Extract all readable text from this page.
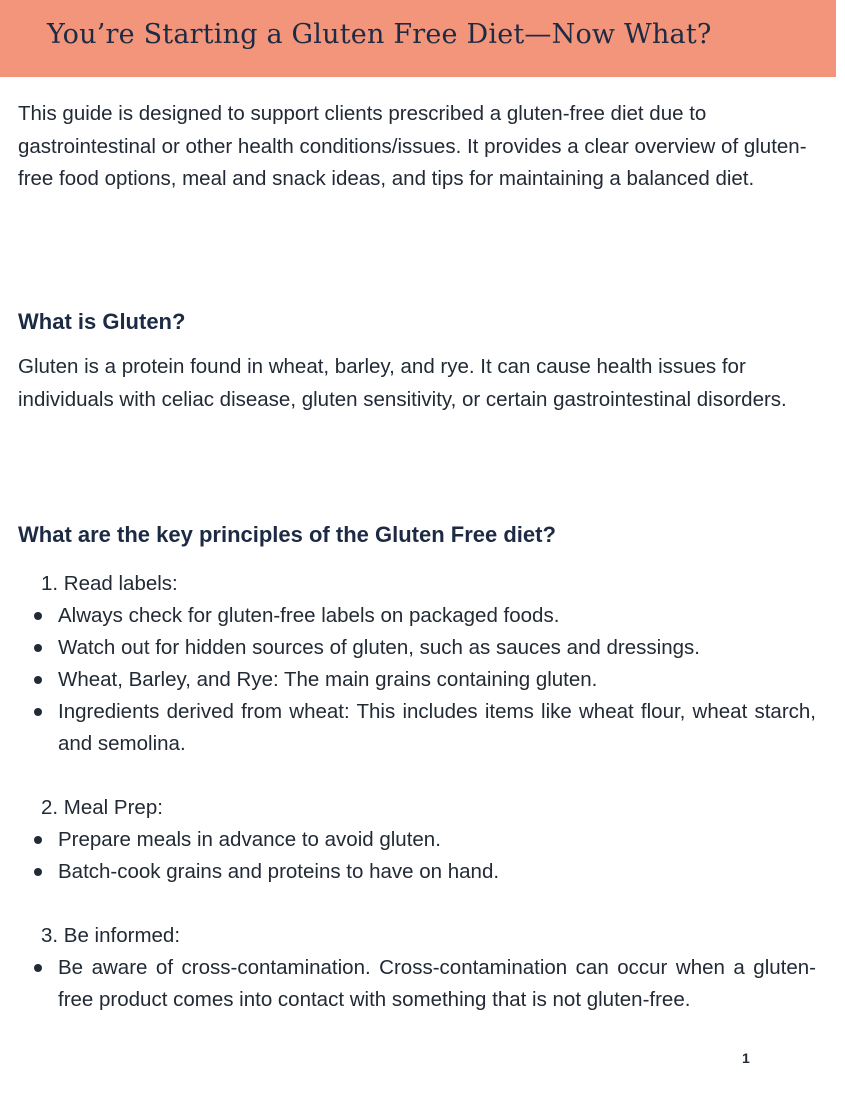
You’re Starting a Gluten Free Diet—Now What?

This guide is designed to support clients prescribed a gluten-free diet due to gastrointestinal or other health conditions/issues. It provides a clear overview of gluten-free food options, meal and snack ideas, and tips for maintaining a balanced diet.

What is Gluten?

Gluten is a protein found in wheat, barley, and rye. It can cause health issues for individuals with celiac disease, gluten sensitivity, or certain gastrointestinal disorders.

What are the key principles of the Gluten Free diet?
1. Read labels:
Always check for gluten-free labels on packaged foods.
Watch out for hidden sources of gluten, such as sauces and dressings.
Wheat, Barley, and Rye: The main grains containing gluten.
Ingredients derived from wheat: This includes items like wheat flour, wheat starch, and semolina.
2. Meal Prep:
Prepare meals in advance to avoid gluten.
Batch-cook grains and proteins to have on hand.
3. Be informed:
Be aware of cross-contamination. Cross-contamination can occur when a gluten-free product comes into contact with something that is not gluten-free.
1
